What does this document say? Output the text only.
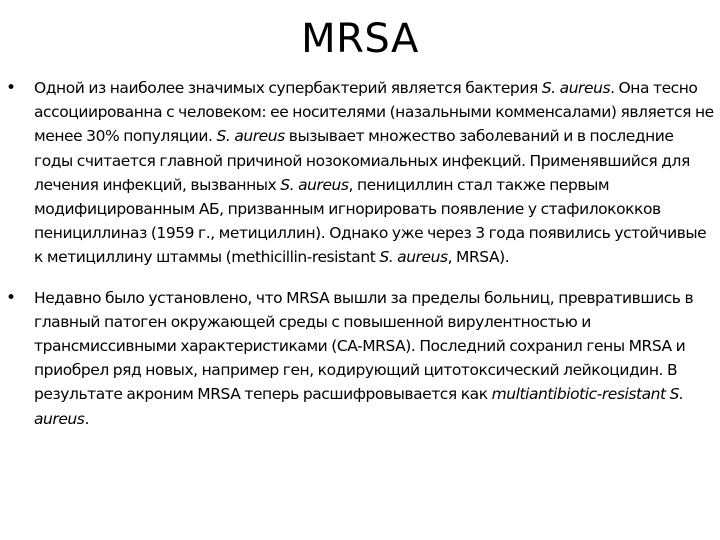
MRSA
• Одной из наиболее значимых супербактерий является бактерия S. aureus. Она тесно ассоциированна с человеком: ее носителями (назальными комменсалами) является не менее 30% популяции. S. aureus вызывает множество заболеваний и в последние годы считается главной причиной нозокомиальных инфекций. Применявшийся для лечения инфекций, вызванных S. aureus, пенициллин стал также первым модифицированным АБ, призванным игнорировать появление у стафилококков пенициллиназ (1959 г., метициллин). Однако уже через 3 года появились устойчивые к метициллину штаммы (methicillin-resistant S. aureus, MRSA).
• Недавно было установлено, что MRSA вышли за пределы больниц, превратившись в главный патоген окружающей среды с повышенной вирулентностью и трансмиссивными характеристиками (CA-MRSA). Последний сохранил гены MRSA и приобрел ряд новых, например ген, кодирующий цитотоксический лейкоцидин. В результате акроним MRSA теперь расшифровывается как multiantibiotic-resistant S. aureus.
